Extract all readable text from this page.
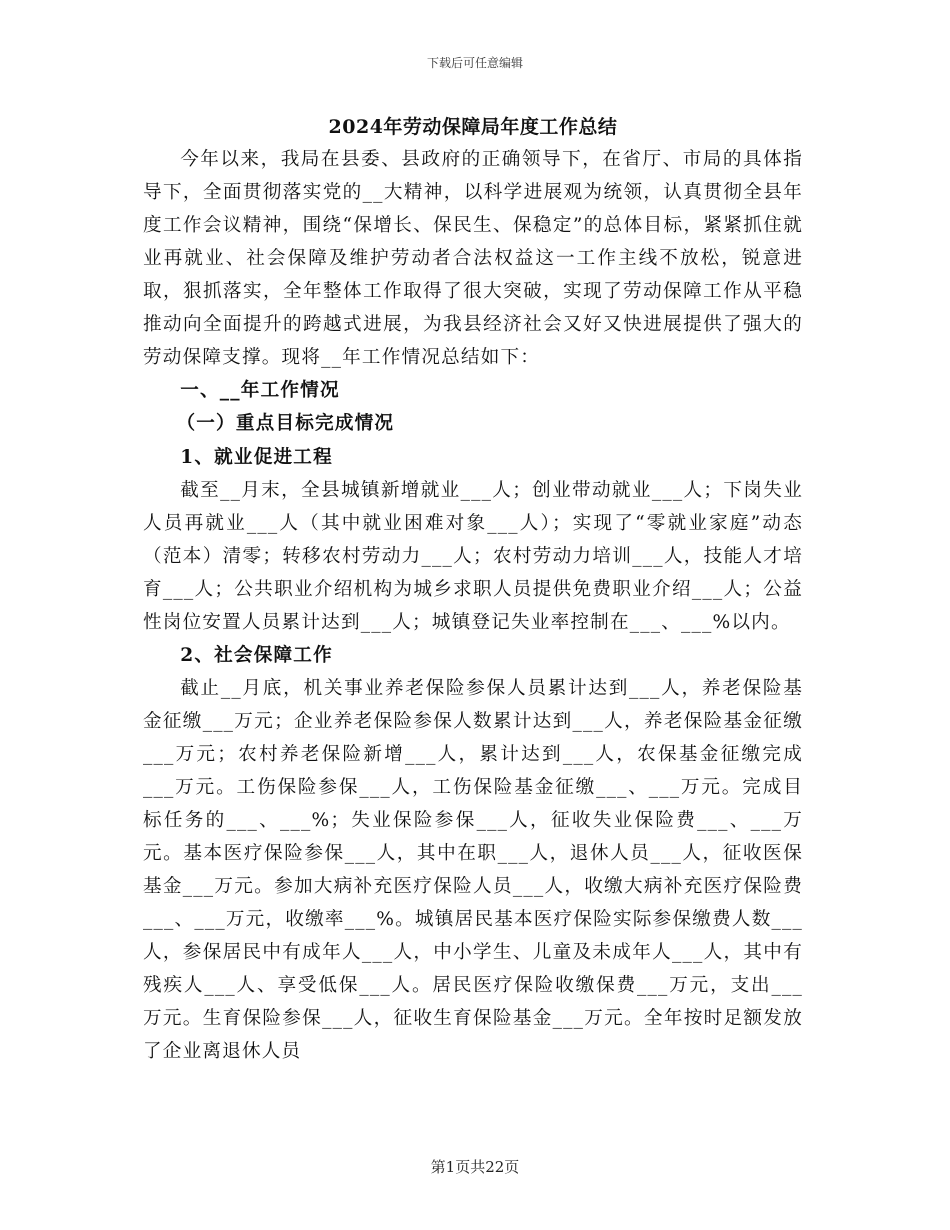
下载后可任意编辑
2024年劳动保障局年度工作总结

今年以来，我局在县委、县政府的正确领导下，在省厅、市局的具体指导下，全面贯彻落实党的__大精神，以科学进展观为统领，认真贯彻全县年度工作会议精神，围绕“保增长、保民生、保稳定”的总体目标，紧紧抓住就业再就业、社会保障及维护劳动者合法权益这一工作主线不放松，锐意进取，狠抓落实，全年整体工作取得了很大突破，实现了劳动保障工作从平稳推动向全面提升的跨越式进展，为我县经济社会又好又快进展提供了强大的劳动保障支撑。现将__年工作情况总结如下：

一、__年工作情况
（一）重点目标完成情况
1、就业促进工程

截至__月末，全县城镇新增就业___人；创业带动就业___人；下岗失业人员再就业___人（其中就业困难对象___人）；实现了“零就业家庭”动态（范本）清零；转移农村劳动力___人；农村劳动力培训___人，技能人才培育___人；公共职业介绍机构为城乡求职人员提供免费职业介绍___人；公益性岗位安置人员累计达到___人；城镇登记失业率控制在___、___%以内。

2、社会保障工作

截止__月底，机关事业养老保险参保人员累计达到___人，养老保险基金征缴___万元；企业养老保险参保人数累计达到___人，养老保险基金征缴___万元；农村养老保险新增___人，累计达到___人，农保基金征缴完成___万元。工伤保险参保___人，工伤保险基金征缴___、___万元。完成目标任务的___、___%；失业保险参保___人，征收失业保险费___、___万元。基本医疗保险参保___人，其中在职___人，退休人员___人，征收医保基金___万元。参加大病补充医疗保险人员___人，收缴大病补充医疗保险费___、___万元，收缴率___%。城镇居民基本医疗保险实际参保缴费人数___人，参保居民中有成年人___人，中小学生、儿童及未成年人___人，其中有残疾人___人、享受低保___人。居民医疗保险收缴保费___万元，支出___万元。生育保险参保___人，征收生育保险基金___万元。全年按时足额发放了企业离退休人员

第1页共22页
